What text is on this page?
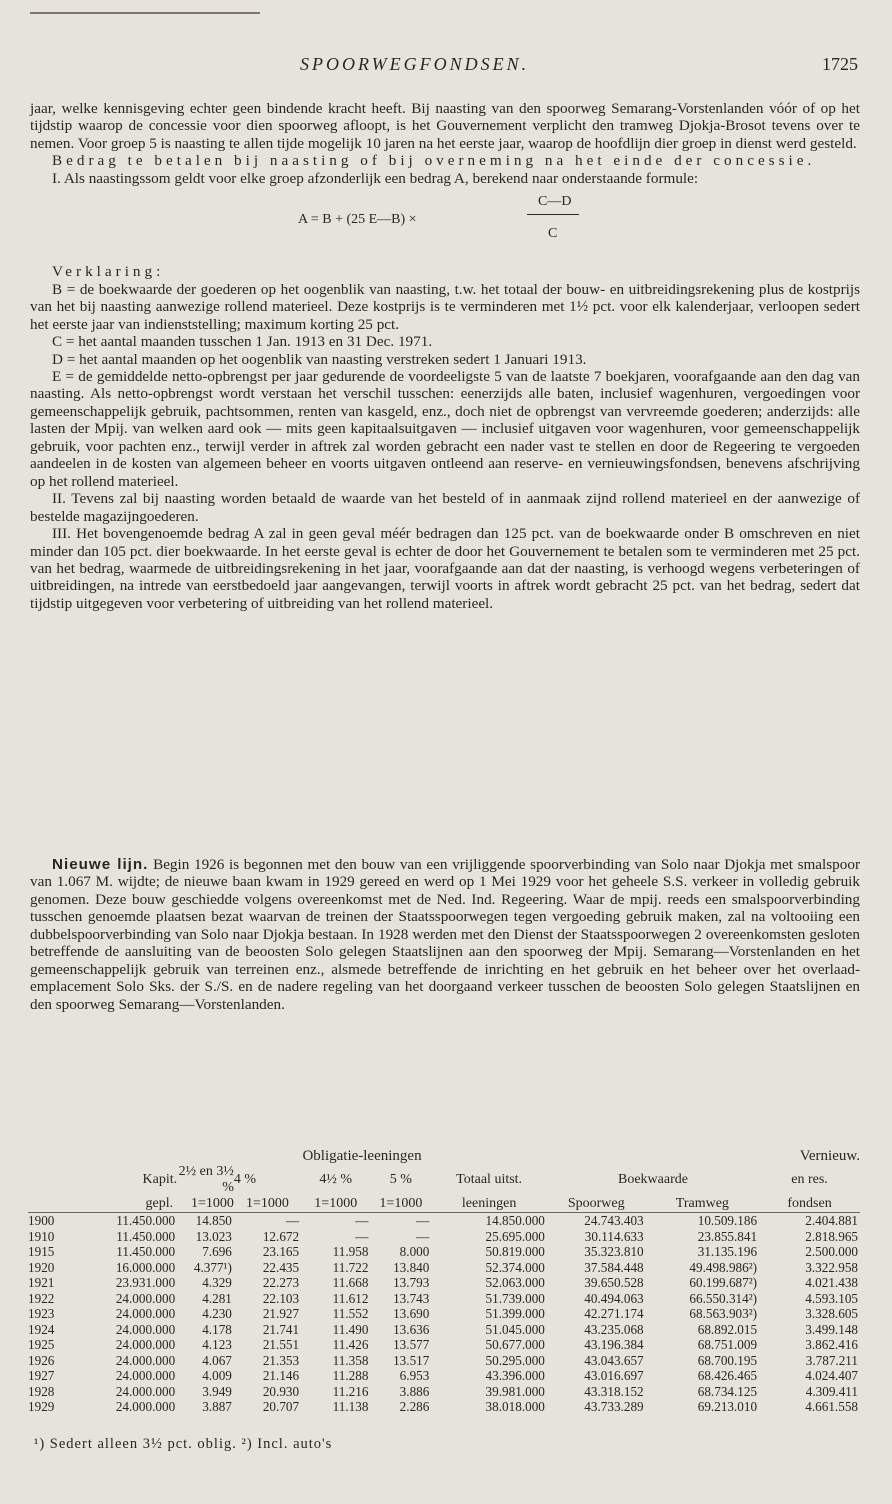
SPOORWEGFONDSEN.	1725

jaar, welke kennisgeving echter geen bindende kracht heeft. Bij naasting van den spoorweg Semarang-Vorstenlanden vóór of op het tijdstip waarop de concessie voor dien spoorweg afloopt, is het Gouvernement verplicht den tramweg Djokja-Brosot tevens over te nemen. Voor groep 5 is naasting te allen tijde mogelijk 10 jaren na het eerste jaar, waarop de hoofdlijn dier groep in dienst werd gesteld.

Bedrag te betalen bij naasting of bij overneming na het einde der concessie.

I. Als naastingssom geldt voor elke groep afzonderlijk een bedrag A, berekend naar onderstaande formule:

A = B + (25 E—B) ×
C—D
C

Verklaring:

B = de boekwaarde der goederen op het oogenblik van naasting, t.w. het totaal der bouw- en uitbreidingsrekening plus de kostprijs van het bij naasting aanwezige rollend materieel. Deze kostprijs is te verminderen met 1½ pct. voor elk kalenderjaar, verloopen sedert het eerste jaar van indienststelling; maximum korting 25 pct.

C = het aantal maanden tusschen 1 Jan. 1913 en 31 Dec. 1971.

D = het aantal maanden op het oogenblik van naasting verstreken sedert 1 Januari 1913.

E = de gemiddelde netto-opbrengst per jaar gedurende de voordeeligste 5 van de laatste 7 boekjaren, voorafgaande aan den dag van naasting. Als netto-opbrengst wordt verstaan het verschil tusschen: eenerzijds alle baten, inclusief wagenhuren, vergoedingen voor gemeenschappelijk gebruik, pachtsommen, renten van kasgeld, enz., doch niet de opbrengst van vervreemde goederen; anderzijds: alle lasten der Mpij. van welken aard ook — mits geen kapitaalsuitgaven — inclusief uitgaven voor wagenhuren, voor gemeenschappelijk gebruik, voor pachten enz., terwijl verder in aftrek zal worden gebracht een nader vast te stellen en door de Regeering te vergoeden aandeelen in de kosten van algemeen beheer en voorts uitgaven ontleend aan reserve- en vernieuwingsfondsen, benevens afschrijving op het rollend materieel.

II. Tevens zal bij naasting worden betaald de waarde van het besteld of in aanmaak zijnd rollend materieel en der aanwezige of bestelde magazijngoederen.

III. Het bovengenoemde bedrag A zal in geen geval méér bedragen dan 125 pct. van de boekwaarde onder B omschreven en niet minder dan 105 pct. dier boekwaarde. In het eerste geval is echter de door het Gouvernement te betalen som te verminderen met 25 pct. van het bedrag, waarmede de uitbreidingsrekening in het jaar, voorafgaande aan dat der naasting, is verhoogd wegens verbeteringen of uitbreidingen, na intrede van eerstbedoeld jaar aangevangen, terwijl voorts in aftrek wordt gebracht 25 pct. van het bedrag, sedert dat tijdstip uitgegeven voor verbetering of uitbreiding van het rollend materieel.

Nieuwe lijn. Begin 1926 is begonnen met den bouw van een vrijliggende spoorverbinding van Solo naar Djokja met smalspoor van 1.067 M. wijdte; de nieuwe baan kwam in 1929 gereed en werd op 1 Mei 1929 voor het geheele S.S. verkeer in volledig gebruik genomen. Deze bouw geschiedde volgens overeenkomst met de Ned. Ind. Regeering. Waar de mpij. reeds een smalspoorverbinding tusschen genoemde plaatsen bezat waarvan de treinen der Staatsspoorwegen tegen vergoeding gebruik maken, zal na voltooiing een dubbelspoorverbinding van Solo naar Djokja bestaan. In 1928 werden met den Dienst der Staatsspoorwegen 2 overeenkomsten gesloten betreffende de aansluiting van de beoosten Solo gelegen Staatslijnen aan den spoorweg der Mpij. Semarang—Vorstenlanden en het gemeenschappelijk gebruik van terreinen enz., alsmede betreffende de inrichting en het gebruik en het beheer over het overlaad-emplacement Solo Sks. der S./S. en de nadere regeling van het doorgaand verkeer tusschen de beoosten Solo gelegen Staatslijnen en den spoorweg Semarang—Vorstenlanden.

		Obligatie-leeningen							Vernieuw.
	Kapit.	2½ en 3½ %	4 %	4½ %	5 %	Totaal uitst.	Boekwaarde		en res.
	gepl.	1=1000	1=1000	1=1000	1=1000	leeningen	Spoorweg	Tramweg	fondsen
1900	11.450.000	14.850	—	—	—	14.850.000	24.743.403	10.509.186	2.404.881
1910	11.450.000	13.023	12.672	—	—	25.695.000	30.114.633	23.855.841	2.818.965
1915	11.450.000	7.696	23.165	11.958	8.000	50.819.000	35.323.810	31.135.196	2.500.000
1920	16.000.000	4.377¹)	22.435	11.722	13.840	52.374.000	37.584.448	49.498.986²)	3.322.958
1921	23.931.000	4.329	22.273	11.668	13.793	52.063.000	39.650.528	60.199.687²)	4.021.438
1922	24.000.000	4.281	22.103	11.612	13.743	51.739.000	40.494.063	66.550.314²)	4.593.105
1923	24.000.000	4.230	21.927	11.552	13.690	51.399.000	42.271.174	68.563.903²)	3.328.605
1924	24.000.000	4.178	21.741	11.490	13.636	51.045.000	43.235.068	68.892.015	3.499.148
1925	24.000.000	4.123	21.551	11.426	13.577	50.677.000	43.196.384	68.751.009	3.862.416
1926	24.000.000	4.067	21.353	11.358	13.517	50.295.000	43.043.657	68.700.195	3.787.211
1927	24.000.000	4.009	21.146	11.288	6.953	43.396.000	43.016.697	68.426.465	4.024.407
1928	24.000.000	3.949	20.930	11.216	3.886	39.981.000	43.318.152	68.734.125	4.309.411
1929	24.000.000	3.887	20.707	11.138	2.286	38.018.000	43.733.289	69.213.010	4.661.558
¹) Sedert alleen 3½ pct. oblig. ²) Incl. auto's
